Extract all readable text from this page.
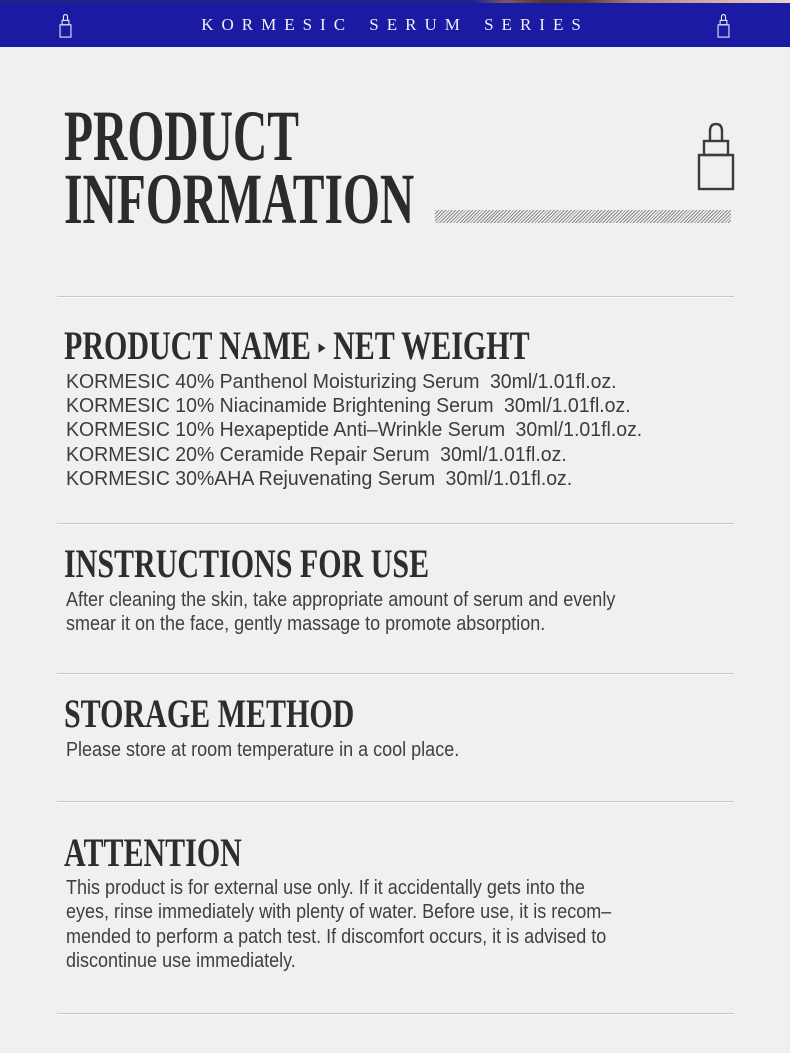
KORMESIC SERUM SERIES
PRODUCT
INFORMATION
PRODUCT NAME ▸ NET WEIGHT
KORMESIC 40% Panthenol Moisturizing Serum 30ml/1.01fl.oz.
KORMESIC 10% Niacinamide Brightening Serum 30ml/1.01fl.oz.
KORMESIC 10% Hexapeptide Anti–Wrinkle Serum 30ml/1.01fl.oz.
KORMESIC 20% Ceramide Repair Serum 30ml/1.01fl.oz.
KORMESIC 30%AHA Rejuvenating Serum 30ml/1.01fl.oz.
INSTRUCTIONS FOR USE
After cleaning the skin, take appropriate amount of serum and evenly
smear it on the face, gently massage to promote absorption.
STORAGE METHOD
Please store at room temperature in a cool place.
ATTENTION
This product is for external use only. If it accidentally gets into the
eyes, rinse immediately with plenty of water. Before use, it is recom–
mended to perform a patch test. If discomfort occurs, it is advised to
discontinue use immediately.
